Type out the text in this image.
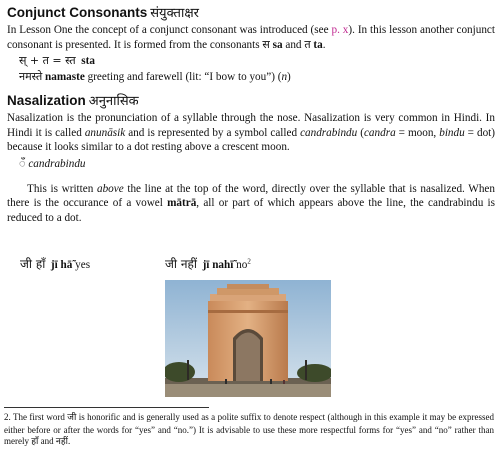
Conjunct Consonants संयुक्ताक्षर

In Lesson One the concept of a conjunct consonant was introduced (see p. x). In this lesson another conjunct consonant is presented. It is formed from the consonants स sa and त ta.

स् + त = स्त sta
नमस्ते namaste greeting and farewell (lit: “I bow to you”) (n)
Nasalization अनुनासिक

Nasalization is the pronunciation of a syllable through the nose. Nasalization is very common in Hindi. In Hindi it is called anunāsik and is represented by a symbol called candrabindu (candra = moon, bindu = dot) because it looks similar to a dot resting above a crescent moon.

ँ candrabindu

This is written above the line at the top of the word, directly over the syllable that is nasalized. When there is the occurance of a vowel mātrā, all or part of which appears above the line, the candrabindu is reduced to a dot.

जी हाँ jī hā̃ yes	जी नहीं jī nahī̃ $no^2$
2. The first word जी is honorific and is generally used as a polite suffix to denote respect (although in this example it may be expressed either before or after the words for “yes” and “no.”) It is advisable to use these more respectful forms for “yes” and “no” rather than merely हाँ and नहीं.
